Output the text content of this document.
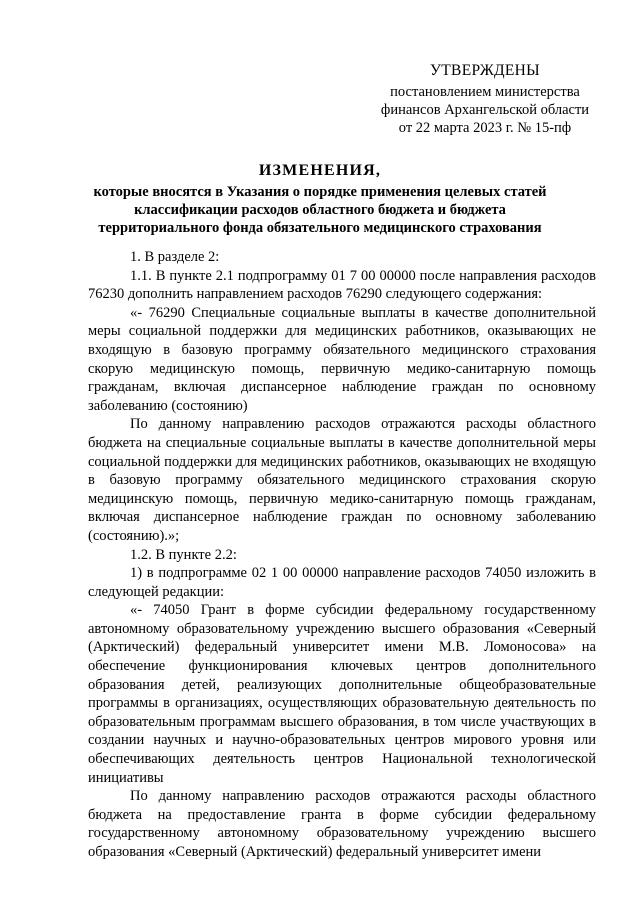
УТВЕРЖДЕНЫ
постановлением министерства
финансов Архангельской области
от 22 марта 2023 г. № 15-пф
ИЗМЕНЕНИЯ,
которые вносятся в Указания о порядке применения целевых статей
классификации расходов областного бюджета и бюджета
территориального фонда обязательного медицинского страхования

1. В разделе 2:

1.1. В пункте 2.1 подпрограмму 01 7 00 00000 после направления расходов 76230 дополнить направлением расходов 76290 следующего содержания:

«- 76290 Специальные социальные выплаты в качестве дополнительной меры социальной поддержки для медицинских работников, оказывающих не входящую в базовую программу обязательного медицинского страхования скорую медицинскую помощь, первичную медико-санитарную помощь гражданам, включая диспансерное наблюдение граждан по основному заболеванию (состоянию)

По данному направлению расходов отражаются расходы областного бюджета на специальные социальные выплаты в качестве дополнительной меры социальной поддержки для медицинских работников, оказывающих не входящую в базовую программу обязательного медицинского страхования скорую медицинскую помощь, первичную медико-санитарную помощь гражданам, включая диспансерное наблюдение граждан по основному заболеванию (состоянию).»;

1.2. В пункте 2.2:

1) в подпрограмме 02 1 00 00000 направление расходов 74050 изложить в следующей редакции:

«- 74050 Грант в форме субсидии федеральному государственному автономному образовательному учреждению высшего образования «Северный (Арктический) федеральный университет имени М.В. Ломоносова» на обеспечение функционирования ключевых центров дополнительного образования детей, реализующих дополнительные общеобразовательные программы в организациях, осуществляющих образовательную деятельность по образовательным программам высшего образования, в том числе участвующих в создании научных и научно-образовательных центров мирового уровня или обеспечивающих деятельность центров Национальной технологической инициативы

По данному направлению расходов отражаются расходы областного бюджета на предоставление гранта в форме субсидии федеральному государственному автономному образовательному учреждению высшего образования «Северный (Арктический) федеральный университет имени
